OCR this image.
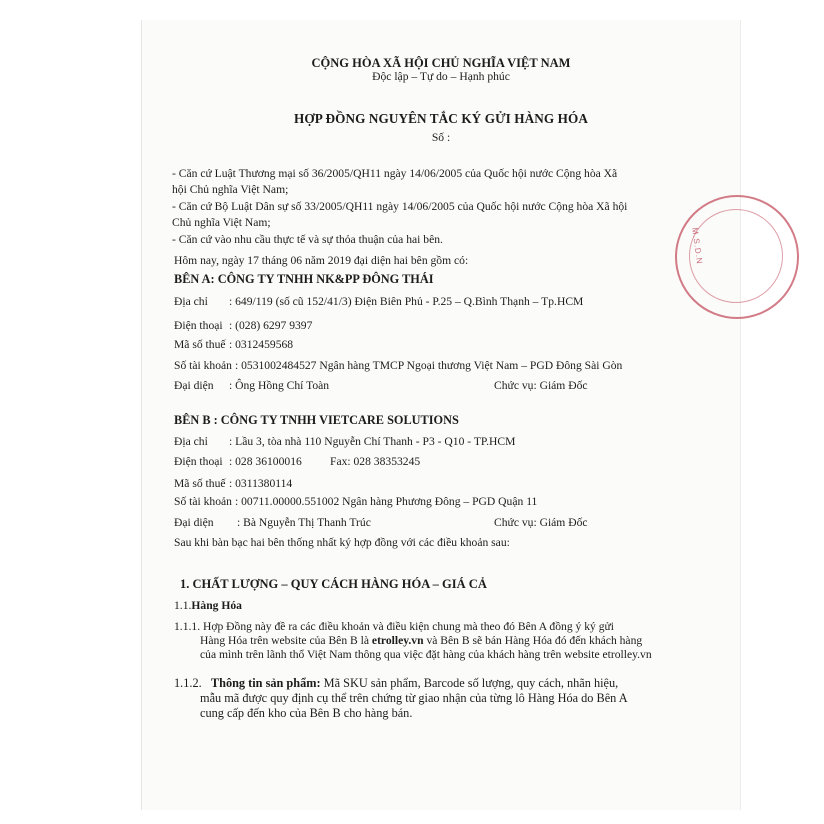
CỘNG HÒA XÃ HỘI CHỦ NGHĨA VIỆT NAM
Độc lập – Tự do – Hạnh phúc
HỢP ĐỒNG NGUYÊN TẮC KÝ GỬI HÀNG HÓA
Số :
- Căn cứ Luật Thương mại số 36/2005/QH11 ngày 14/06/2005 của Quốc hội nước Cộng hòa Xã
hội Chủ nghĩa Việt Nam;
- Căn cứ Bộ Luật Dân sự số 33/2005/QH11 ngày 14/06/2005 của Quốc hội nước Cộng hòa Xã hội
Chủ nghĩa Việt Nam;
- Căn cứ vào nhu cầu thực tế và sự thỏa thuận của hai bên.
Hôm nay, ngày 17 tháng 06 năm 2019 đại diện hai bên gồm có:
BÊN A: CÔNG TY TNHH NK&PP ĐÔNG THÁI
Địa chỉ : 649/119 (số cũ 152/41/3) Điện Biên Phủ - P.25 – Q.Bình Thạnh – Tp.HCM
Điện thoại : (028) 6297 9397
Mã số thuế : 0312459568
Số tài khoản : 0531002484527 Ngân hàng TMCP Ngoại thương Việt Nam – PGD Đông Sài Gòn
Đại diện : Ông Hồng Chí Toàn	Chức vụ: Giám Đốc
BÊN B : CÔNG TY TNHH VIETCARE SOLUTIONS
Địa chỉ : Lầu 3, tòa nhà 110 Nguyễn Chí Thanh - P3 - Q10 - TP.HCM
Điện thoại : 028 36100016 Fax: 028 38353245
Mã số thuế : 0311380114
Số tài khoản : 00711.00000.551002 Ngân hàng Phương Đông – PGD Quận 11
Đại diện : Bà Nguyễn Thị Thanh Trúc	Chức vụ: Giám Đốc
Sau khi bàn bạc hai bên thống nhất ký hợp đồng với các điều khoản sau:
1. CHẤT LƯỢNG – QUY CÁCH HÀNG HÓA – GIÁ CẢ
1.1.Hàng Hóa
1.1.1. Hợp Đồng này đề ra các điều khoản và điều kiện chung mà theo đó Bên A đồng ý ký gửi
Hàng Hóa trên website của Bên B là etrolley.vn và Bên B sẽ bán Hàng Hóa đó đến khách hàng
của mình trên lãnh thổ Việt Nam thông qua việc đặt hàng của khách hàng trên website etrolley.vn
1.1.2. Thông tin sản phẩm: Mã SKU sản phẩm, Barcode số lượng, quy cách, nhãn hiệu,
mẫu mã được quy định cụ thể trên chứng từ giao nhận của từng lô Hàng Hóa do Bên A
cung cấp đến kho của Bên B cho hàng bán.
M.S.D.N
